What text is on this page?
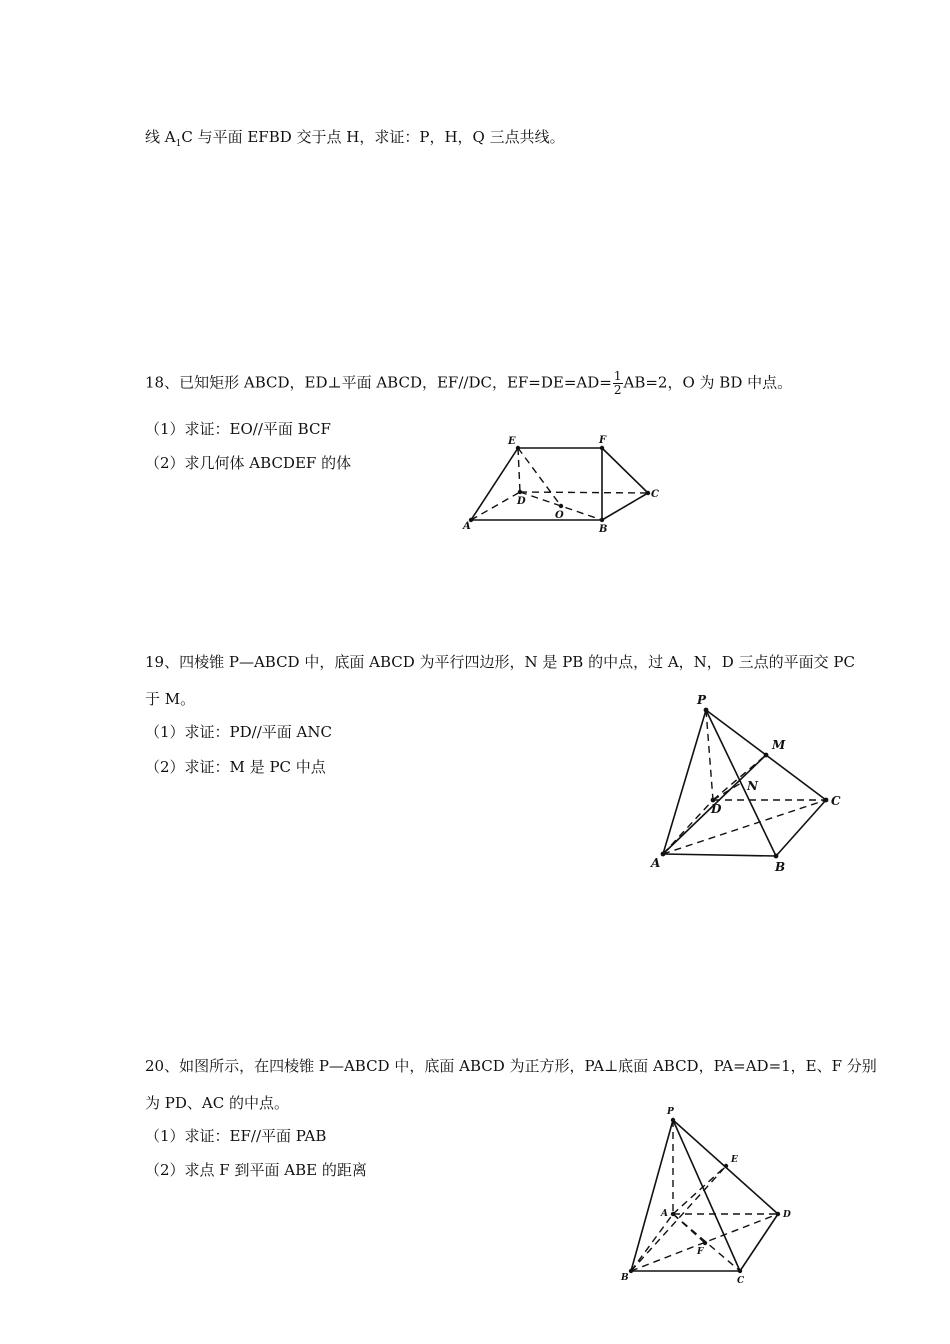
线 $A_1C$ 与平面 EFBD 交于点 H，求证：P，H，Q 三点共线。
18、已知矩形 ABCD，ED⊥平面 ABCD，EF//DC，$EF=DE=AD= \frac{1}{2} AB=2$，O 为 BD 中点。
（1）求证：EO//平面 BCF
（2）求几何体 ABCDEF 的体
E	F
C
D
O
A	B
19、四棱锥 P—ABCD 中，底面 ABCD 为平行四边形，N 是 PB 的中点，过 A，N，D 三点的平面交 PC
于 M。
（1）求证：PD//平面 ANC
（2）求证：M 是 PC 中点
P
M
N
C
D
A	B
20、如图所示，在四棱锥 P—ABCD 中，底面 ABCD 为正方形，PA⊥底面 ABCD，PA=AD=1，E、F 分别
为 PD、AC 的中点。
（1）求证：EF//平面 PAB
（2）求点 F 到平面 ABE 的距离
P
E
A	D
F
B	C
